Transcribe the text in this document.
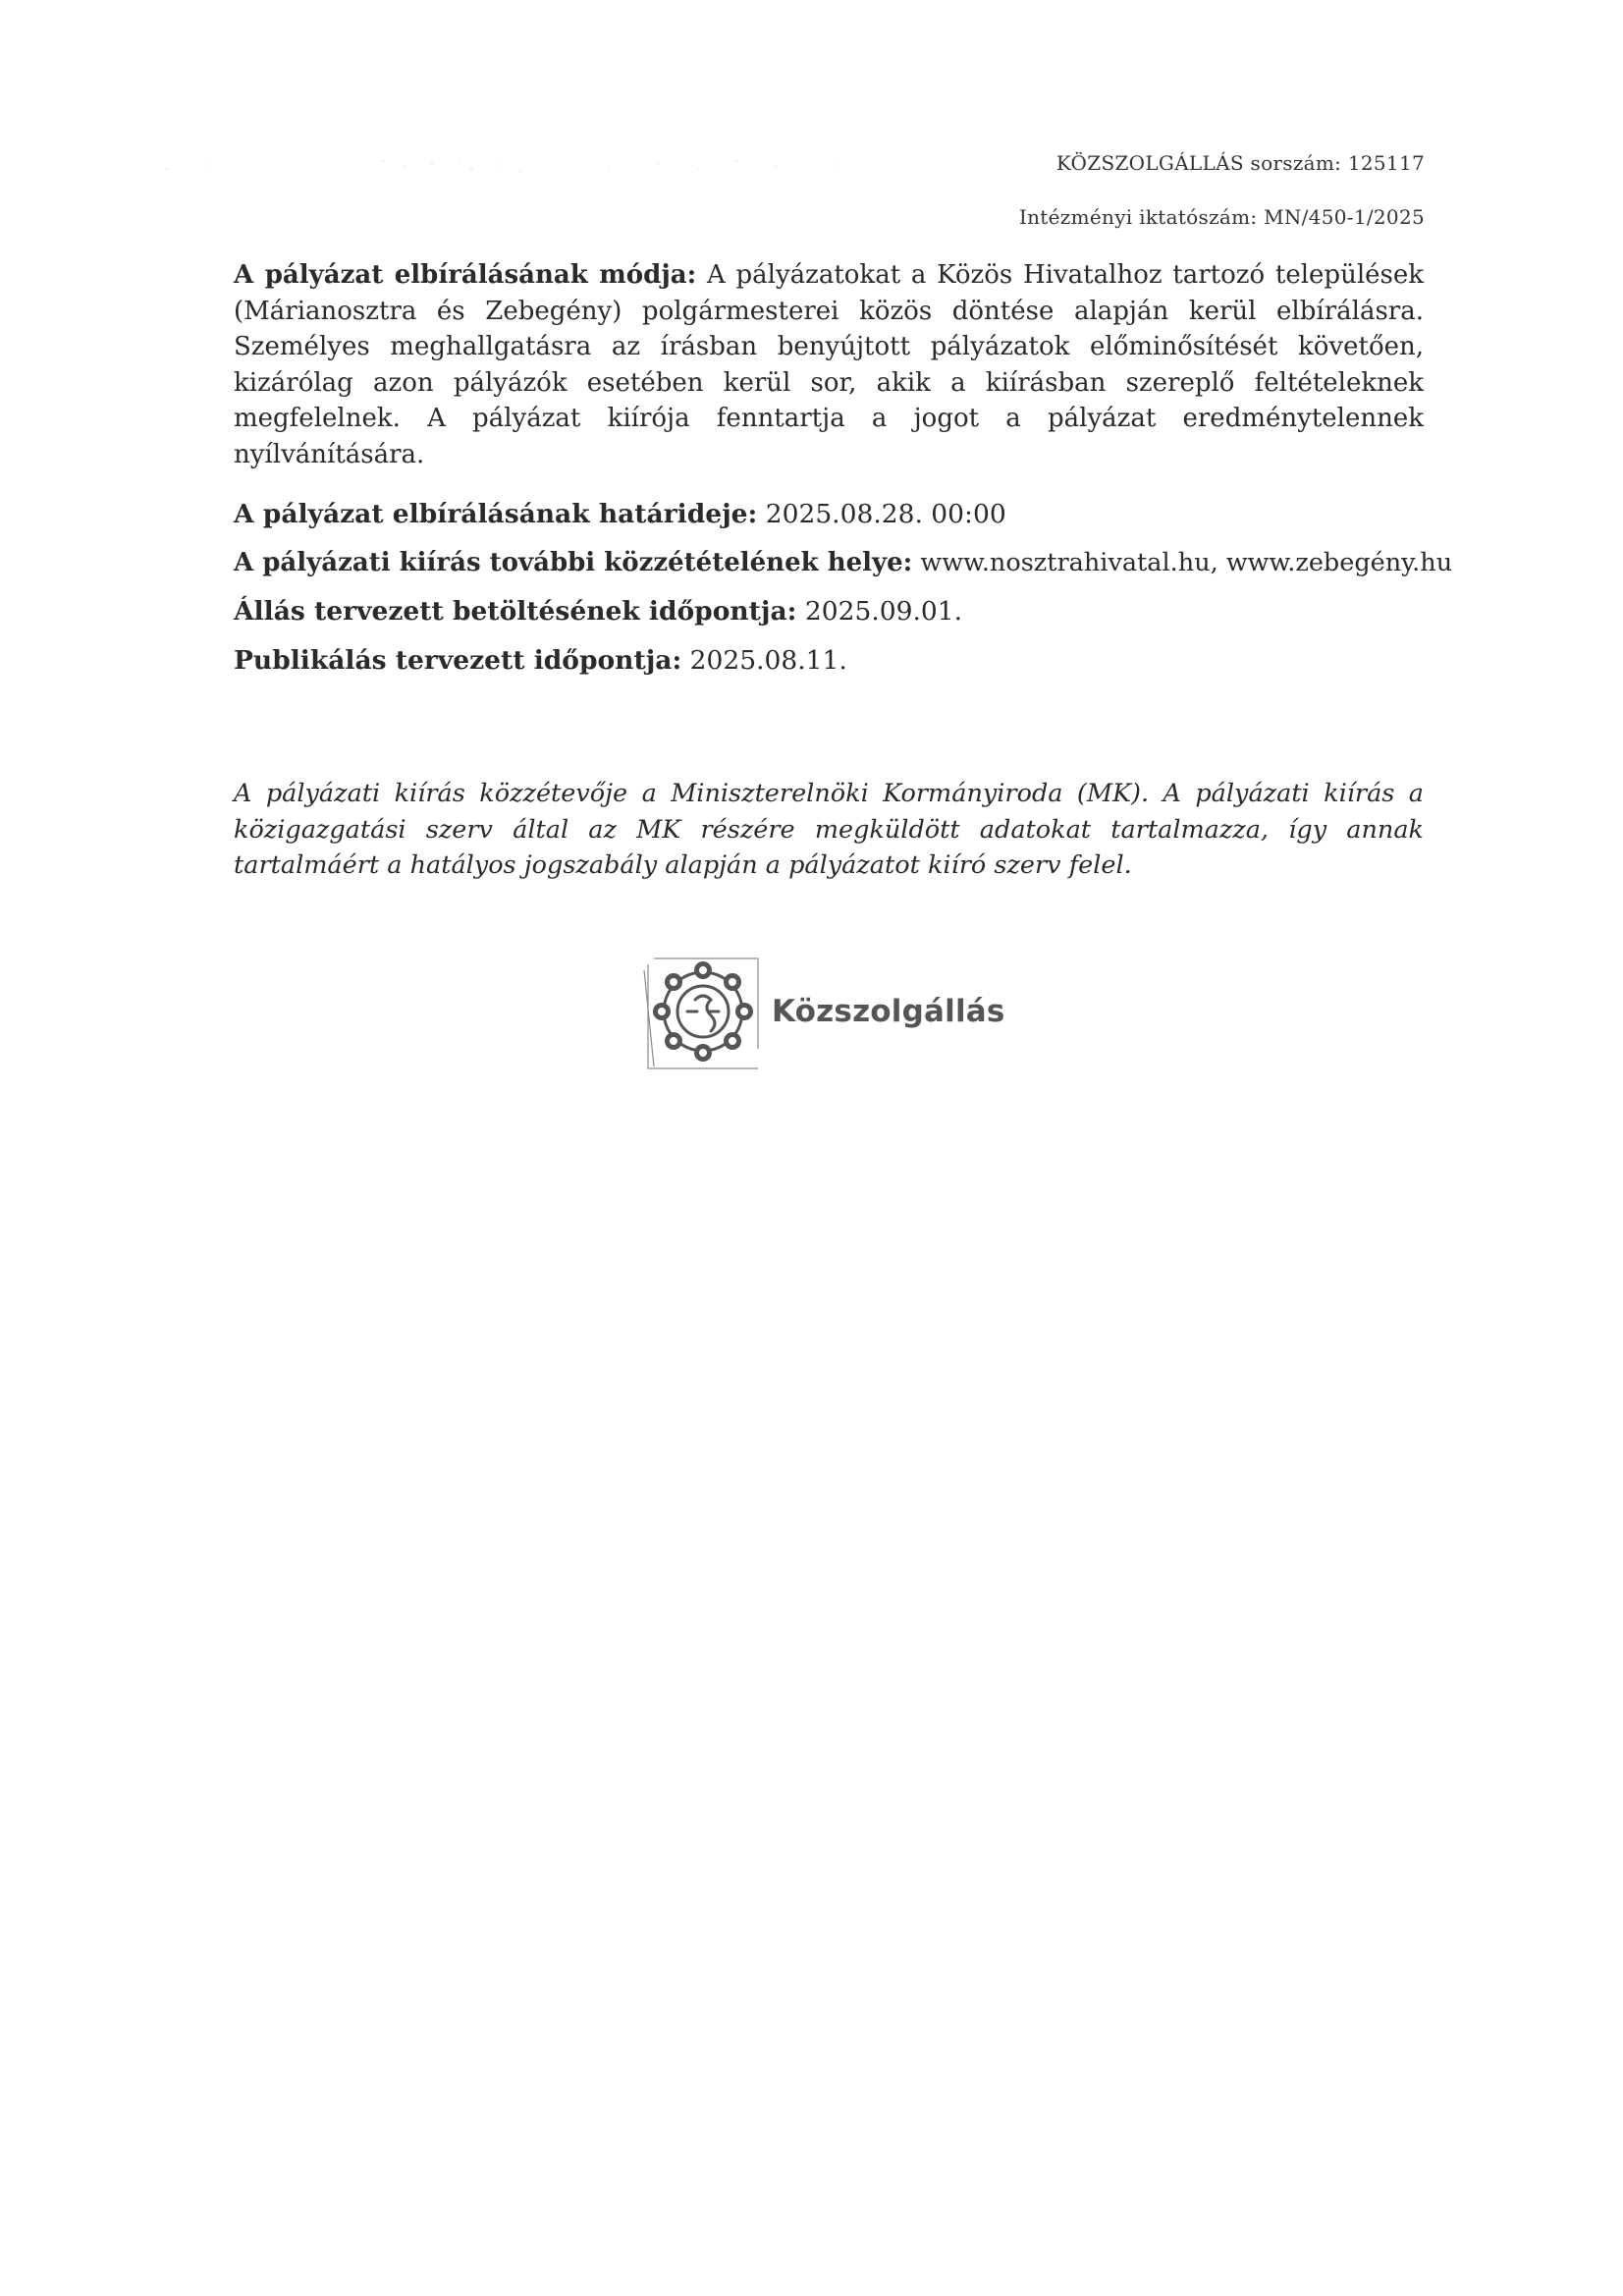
KÖZSZOLGÁLLÁS sorszám: 125117
Intézményi iktatószám: MN/450-1/2025
A pályázat elbírálásának módja: A pályázatokat a Közös Hivatalhoz tartozó települések (Márianosztra és Zebegény) polgármesterei közös döntése alapján kerül elbírálásra. Személyes meghallgatásra az írásban benyújtott pályázatok előminősítését követően, kizárólag azon pályázók esetében kerül sor, akik a kiírásban szereplő feltételeknek megfelelnek. A pályázat kiírója fenntartja a jogot a pályázat eredménytelennek nyílvánítására.
A pályázat elbírálásának határideje: 2025.08.28. 00:00
A pályázati kiírás további közzétételének helye: www.nosztrahivatal.hu, www.zebegény.hu
Állás tervezett betöltésének időpontja: 2025.09.01.
Publikálás tervezett időpontja: 2025.08.11.
A pályázati kiírás közzétevője a Miniszterelnöki Kormányiroda (MK). A pályázati kiírás a közigazgatási szerv által az MK részére megküldött adatokat tartalmazza, így annak tartalmáért a hatályos jogszabály alapján a pályázatot kiíró szerv felel.
Közszolgállás
